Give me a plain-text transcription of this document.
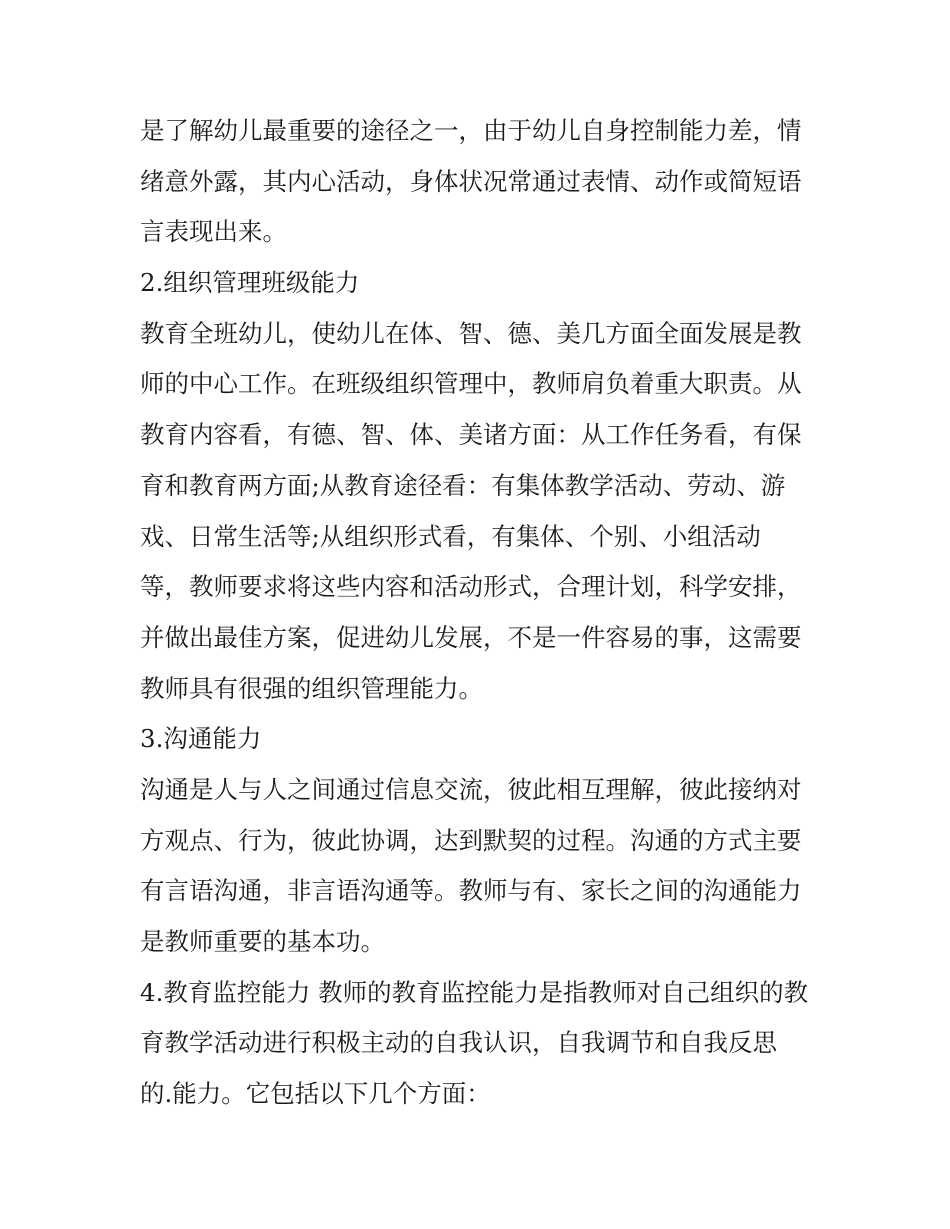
是了解幼儿最重要的途径之一，由于幼儿自身控制能力差，情
绪意外露，其内心活动，身体状况常通过表情、动作或简短语
言表现出来。
2.组织管理班级能力
教育全班幼儿，使幼儿在体、智、德、美几方面全面发展是教
师的中心工作。在班级组织管理中，教师肩负着重大职责。从
教育内容看，有德、智、体、美诸方面：从工作任务看，有保
育和教育两方面;从教育途径看：有集体教学活动、劳动、游
戏、日常生活等;从组织形式看，有集体、个别、小组活动
等，教师要求将这些内容和活动形式，合理计划，科学安排，
并做出最佳方案，促进幼儿发展，不是一件容易的事，这需要
教师具有很强的组织管理能力。
3.沟通能力
沟通是人与人之间通过信息交流，彼此相互理解，彼此接纳对
方观点、行为，彼此协调，达到默契的过程。沟通的方式主要
有言语沟通，非言语沟通等。教师与有、家长之间的沟通能力
是教师重要的基本功。
4.教育监控能力 教师的教育监控能力是指教师对自己组织的教
育教学活动进行积极主动的自我认识，自我调节和自我反思
的.能力。它包括以下几个方面：
